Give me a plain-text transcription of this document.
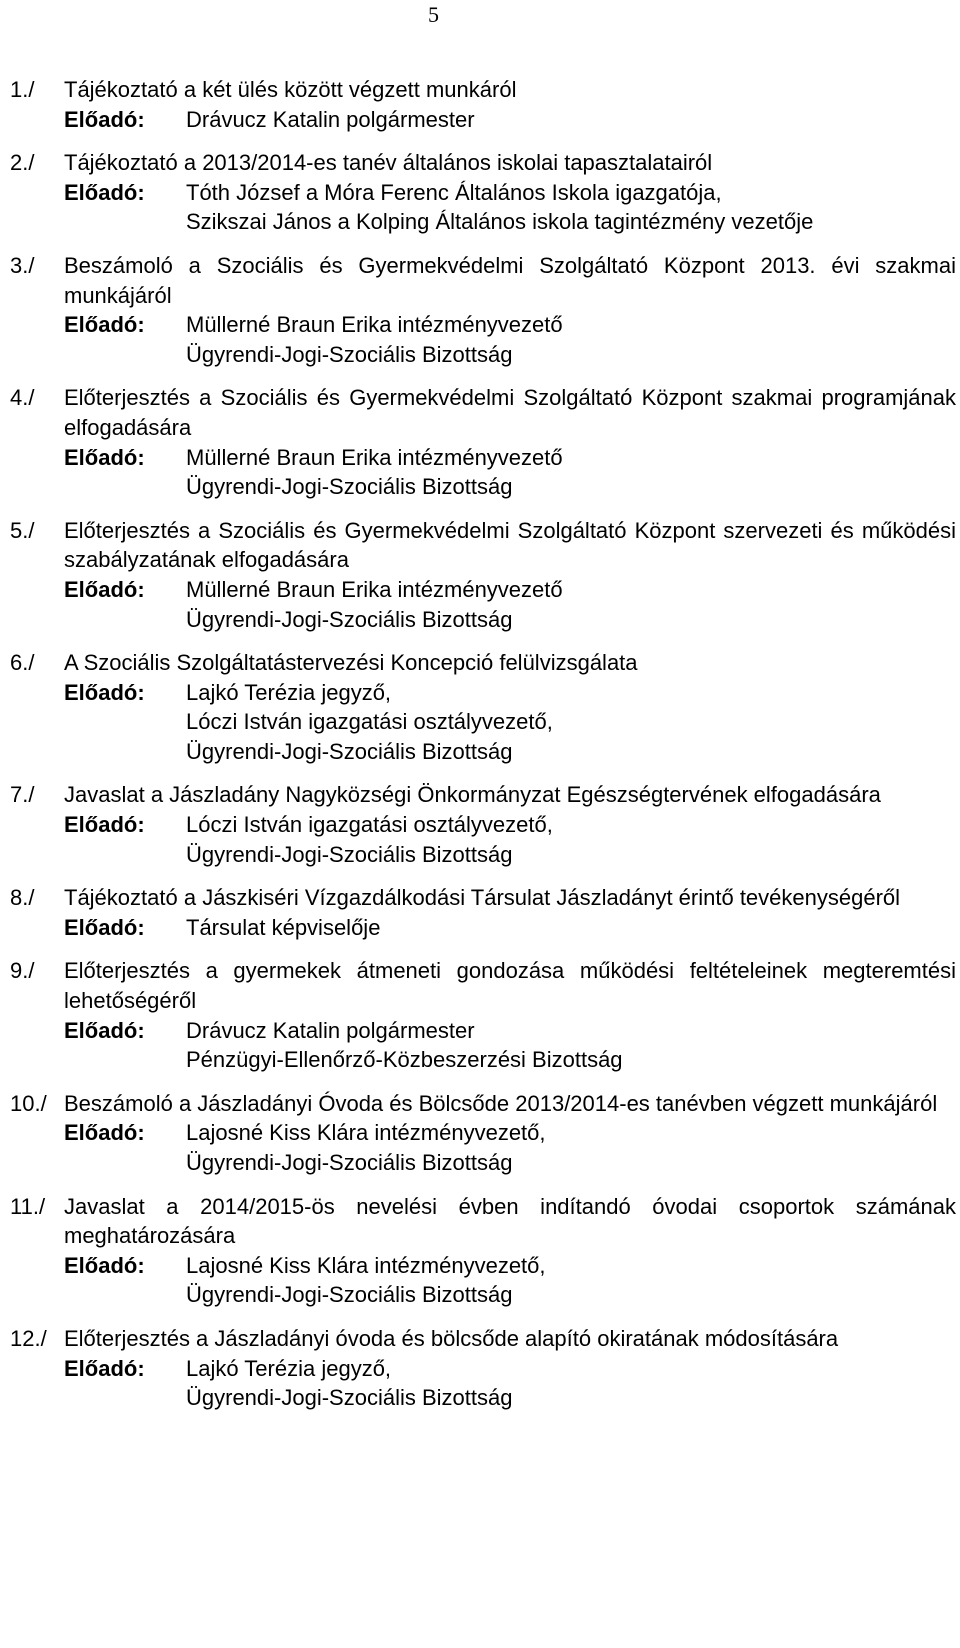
5
1./	Tájékoztató a két ülés között végzett munkáról
Előadó:	Drávucz Katalin polgármester
2./	Tájékoztató a 2013/2014-es tanév általános iskolai tapasztalatairól
Előadó:	Tóth József a Móra Ferenc Általános Iskola igazgatója,
Szikszai János a Kolping Általános iskola tagintézmény vezetője
3./	Beszámoló a Szociális és Gyermekvédelmi Szolgáltató Központ 2013. évi szakmai munkájáról
Előadó:	Müllerné Braun Erika intézményvezető
Ügyrendi-Jogi-Szociális Bizottság
4./	Előterjesztés a Szociális és Gyermekvédelmi Szolgáltató Központ szakmai programjának elfogadására
Előadó:	Müllerné Braun Erika intézményvezető
Ügyrendi-Jogi-Szociális Bizottság
5./	Előterjesztés a Szociális és Gyermekvédelmi Szolgáltató Központ szervezeti és működési szabályzatának elfogadására
Előadó:	Müllerné Braun Erika intézményvezető
Ügyrendi-Jogi-Szociális Bizottság
6./	A Szociális Szolgáltatástervezési Koncepció felülvizsgálata
Előadó:	Lajkó Terézia jegyző,
Lóczi István igazgatási osztályvezető,
Ügyrendi-Jogi-Szociális Bizottság
7./	Javaslat a Jászladány Nagyközségi Önkormányzat Egészségtervének elfogadására
Előadó:	Lóczi István igazgatási osztályvezető,
Ügyrendi-Jogi-Szociális Bizottság
8./	Tájékoztató a Jászkiséri Vízgazdálkodási Társulat Jászladányt érintő tevékenységéről
Előadó:	Társulat képviselője
9./	Előterjesztés a gyermekek átmeneti gondozása működési feltételeinek megteremtési lehetőségéről
Előadó:	Drávucz Katalin polgármester
Pénzügyi-Ellenőrző-Közbeszerzési Bizottság
10./ Beszámoló a Jászladányi Óvoda és Bölcsőde 2013/2014-es tanévben végzett munkájáról
Előadó:	Lajosné Kiss Klára intézményvezető,
Ügyrendi-Jogi-Szociális Bizottság
11./ Javaslat a 2014/2015-ös nevelési évben indítandó óvodai csoportok számának meghatározására
Előadó:	Lajosné Kiss Klára intézményvezető,
Ügyrendi-Jogi-Szociális Bizottság
12./ Előterjesztés a Jászladányi óvoda és bölcsőde alapító okiratának módosítására
Előadó:	Lajkó Terézia jegyző,
Ügyrendi-Jogi-Szociális Bizottság
